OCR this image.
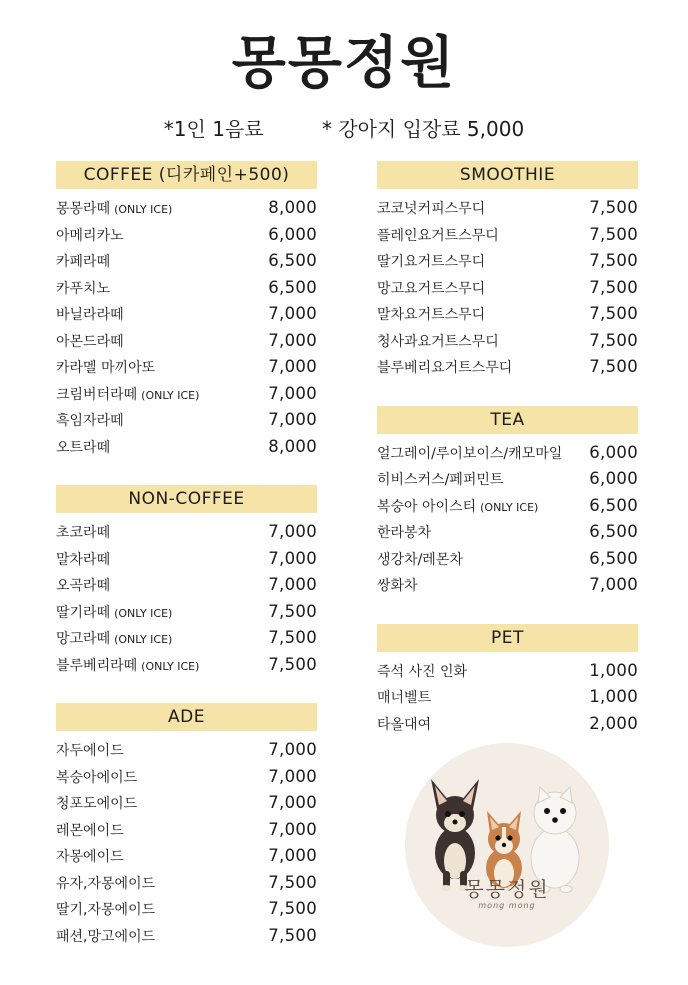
몽몽정원
*1인 1음료	* 강아지 입장료 5,000
COFFEE (디카페인+500)
몽몽라떼 (ONLY ICE)	8,000
아메리카노	6,000
카페라떼	6,500
카푸치노	6,500
바닐라라떼	7,000
아몬드라떼	7,000
카라멜 마끼아또	7,000
크림버터라떼 (ONLY ICE)	7,000
흑임자라떼	7,000
오트라떼	8,000
NON-COFFEE
초코라떼	7,000
말차라떼	7,000
오곡라떼	7,000
딸기라떼 (ONLY ICE)	7,500
망고라떼 (ONLY ICE)	7,500
블루베리라떼 (ONLY ICE)	7,500
ADE
자두에이드	7,000
복숭아에이드	7,000
청포도에이드	7,000
레몬에이드	7,000
자몽에이드	7,000
유자,자몽에이드	7,500
딸기,자몽에이드	7,500
패션,망고에이드	7,500
SMOOTHIE
코코넛커피스무디	7,500
플레인요거트스무디	7,500
딸기요거트스무디	7,500
망고요거트스무디	7,500
말차요거트스무디	7,500
청사과요거트스무디	7,500
블루베리요거트스무디	7,500
TEA
얼그레이/루이보이스/캐모마일 6,000
히비스커스/페퍼민트	6,000
복숭아 아이스티 (ONLY ICE)	6,500
한라봉차	6,500
생강차/레몬차	6,500
쌍화차	7,000
PET
즉석 사진 인화	1,000
매너벨트	1,000
타올대여	2,000
몽몽정원
mong mong
